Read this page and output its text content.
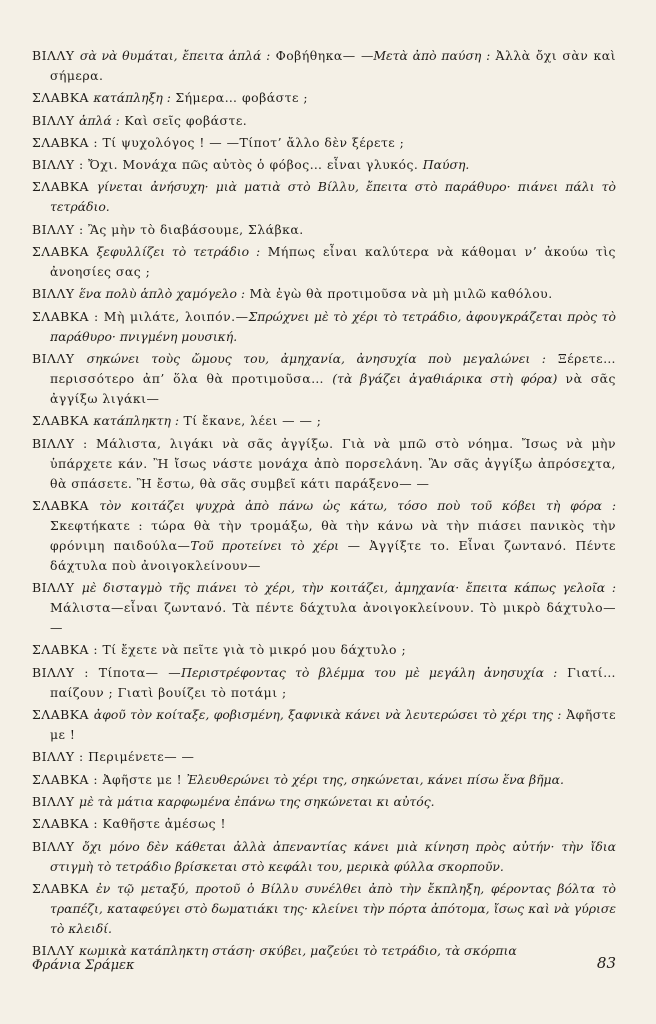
ΒΙΛΛΥ σὰ νὰ θυμάται, ἔπειτα ἁπλά : Φοβήθηκα— —Μετὰ ἀπὸ παύση : Ἀλλὰ ὄχι σὰν καὶ σήμερα.

ΣΛΑΒΚΑ κατάπληξη : Σήμερα… φοβάστε ;

ΒΙΛΛΥ ἁπλά : Καὶ σεῖς φοβάστε.

ΣΛΑΒΚΑ : Τί ψυχολόγος ! — —Τίποτ’ ἄλλο δὲν ξέρετε ;

ΒΙΛΛΥ : Ὄχι. Μονάχα πῶς αὐτὸς ὁ φόβος… εἶναι γλυκός. Παύση.

ΣΛΑΒΚΑ γίνεται ἀνήσυχη· μιὰ ματιὰ στὸ Βίλλυ, ἔπειτα στὸ παράθυρο· πιάνει πάλι τὸ τετράδιο.

ΒΙΛΛΥ : Ἂς μὴν τὸ διαβάσουμε, Σλάβκα.

ΣΛΑΒΚΑ ξεφυλλίζει τὸ τετράδιο : Μήπως εἶναι καλύτερα νὰ κάθομαι ν’ ἀκούω τὶς ἀνοησίες σας ;

ΒΙΛΛΥ ἕνα πολὺ ἁπλὸ χαμόγελο : Μὰ ἐγὼ θὰ προτιμοῦσα νὰ μὴ μιλῶ καθόλου.

ΣΛΑΒΚΑ : Μὴ μιλάτε, λοιπόν.—Σπρώχνει μὲ τὸ χέρι τὸ τετράδιο, ἀφουγκράζεται πρὸς τὸ παράθυρο· πνιγμένη μουσική.

ΒΙΛΛΥ σηκώνει τοὺς ὤμους του, ἀμηχανία, ἀνησυχία ποὺ μεγαλώνει : Ξέρετε… περισσότερο ἀπ’ ὅλα θὰ προτιμοῦσα… (τὰ βγάζει ἀγαθιάρικα στὴ φόρα) νὰ σᾶς ἀγγίξω λιγάκι—

ΣΛΑΒΚΑ κατάπληκτη : Τί ἔκανε, λέει — — ;

ΒΙΛΛΥ : Μάλιστα, λιγάκι νὰ σᾶς ἀγγίξω. Γιὰ νὰ μπῶ στὸ νόημα. Ἴσως νὰ μὴν ὑπάρχετε κάν. Ἢ ἴσως νάστε μονάχα ἀπὸ πορσελάνη. Ἂν σᾶς ἀγγίξω ἀπρόσεχτα, θὰ σπάσετε. Ἢ ἔστω, θὰ σᾶς συμβεῖ κάτι παράξενο— —

ΣΛΑΒΚΑ τὸν κοιτάζει ψυχρὰ ἀπὸ πάνω ὡς κάτω, τόσο ποὺ τοῦ κόβει τὴ φόρα : Σκεφτήκατε : τώρα θὰ τὴν τρομάξω, θὰ τὴν κάνω νὰ τὴν πιάσει πανικὸς τὴν φρόνιμη παιδούλα—Τοῦ προτείνει τὸ χέρι — Ἀγγίξτε το. Εἶναι ζωντανό. Πέντε δάχτυλα ποὺ ἀνοιγοκλείνουν—

ΒΙΛΛΥ μὲ δισταγμὸ τῆς πιάνει τὸ χέρι, τὴν κοιτάζει, ἀμηχανία· ἔπειτα κάπως γελοῖα : Μάλιστα—εἶναι ζωντανό. Τὰ πέντε δάχτυλα ἀνοιγοκλείνουν. Τὸ μικρὸ δάχτυλο— —

ΣΛΑΒΚΑ : Τί ἔχετε νὰ πεῖτε γιὰ τὸ μικρό μου δάχτυλο ;

ΒΙΛΛΥ : Τίποτα— —Περιστρέφοντας τὸ βλέμμα του μὲ μεγάλη ἀνησυχία : Γιατί… παίζουν ; Γιατὶ βουίζει τὸ ποτάμι ;

ΣΛΑΒΚΑ ἀφοῦ τὸν κοίταξε, φοβισμένη, ξαφνικὰ κάνει νὰ λευτερώσει τὸ χέρι της : Ἀφῆστε με !

ΒΙΛΛΥ : Περιμένετε— —

ΣΛΑΒΚΑ : Ἀφῆστε με ! Ἐλευθερώνει τὸ χέρι της, σηκώνεται, κάνει πίσω ἕνα βῆμα.

ΒΙΛΛΥ μὲ τὰ μάτια καρφωμένα ἐπάνω της σηκώνεται κι αὐτός.

ΣΛΑΒΚΑ : Καθῆστε ἀμέσως !

ΒΙΛΛΥ ὄχι μόνο δὲν κάθεται ἀλλὰ ἀπεναντίας κάνει μιὰ κίνηση πρὸς αὐτήν· τὴν ἴδια στιγμὴ τὸ τετράδιο βρίσκεται στὸ κεφάλι του, μερικὰ φύλλα σκορποῦν.

ΣΛΑΒΚΑ ἐν τῷ μεταξύ, προτοῦ ὁ Βίλλυ συνέλθει ἀπὸ τὴν ἔκπληξη, φέροντας βόλτα τὸ τραπέζι, καταφεύγει στὸ δωματιάκι της· κλείνει τὴν πόρτα ἀπότομα, ἴσως καὶ νὰ γύρισε τὸ κλειδί.

ΒΙΛΛΥ κωμικὰ κατάπληκτη στάση· σκύβει, μαζεύει τὸ τετράδιο, τὰ σκόρπια

Φράνια Σράμεκ	83
